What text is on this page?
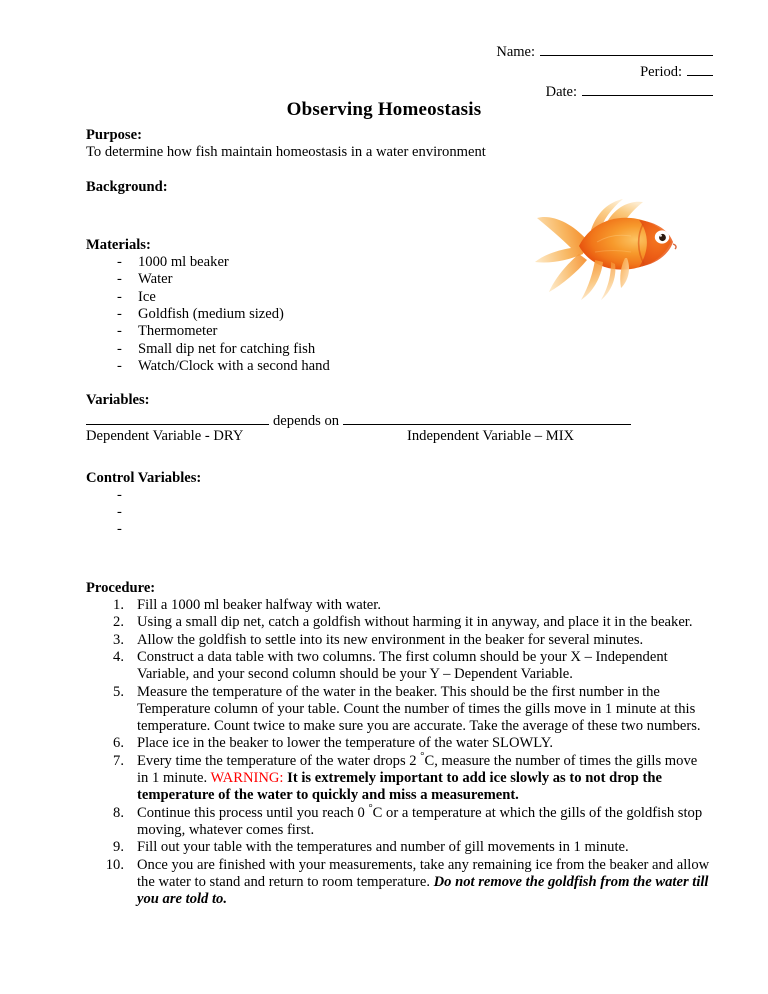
Name:
Period:
Date:
Observing Homeostasis
Purpose:
To determine how fish maintain homeostasis in a water environment
Background:
Materials:
- 1000 ml beaker
- Water
- Ice
- Goldfish (medium sized)
- Thermometer
- Small dip net for catching fish
- Watch/Clock with a second hand
Variables:
depends on
Dependent Variable - DRY	Independent Variable – MIX
Control Variables:
-
-
-
Procedure:
Fill a 1000 ml beaker halfway with water.
Using a small dip net, catch a goldfish without harming it in anyway, and place it in the beaker.
Allow the goldfish to settle into its new environment in the beaker for several minutes.
Construct a data table with two columns. The first column should be your X – Independent Variable, and your second column should be your Y – Dependent Variable.
Measure the temperature of the water in the beaker. This should be the first number in the Temperature column of your table. Count the number of times the gills move in 1 minute at this temperature. Count twice to make sure you are accurate. Take the average of these two numbers.
Place ice in the beaker to lower the temperature of the water SLOWLY.
Every time the temperature of the water drops 2 °C, measure the number of times the gills move in 1 minute. WARNING: It is extremely important to add ice slowly as to not drop the temperature of the water to quickly and miss a measurement.
Continue this process until you reach 0 °C or a temperature at which the gills of the goldfish stop moving, whatever comes first.
Fill out your table with the temperatures and number of gill movements in 1 minute.
Once you are finished with your measurements, take any remaining ice from the beaker and allow the water to stand and return to room temperature. Do not remove the goldfish from the water till you are told to.
